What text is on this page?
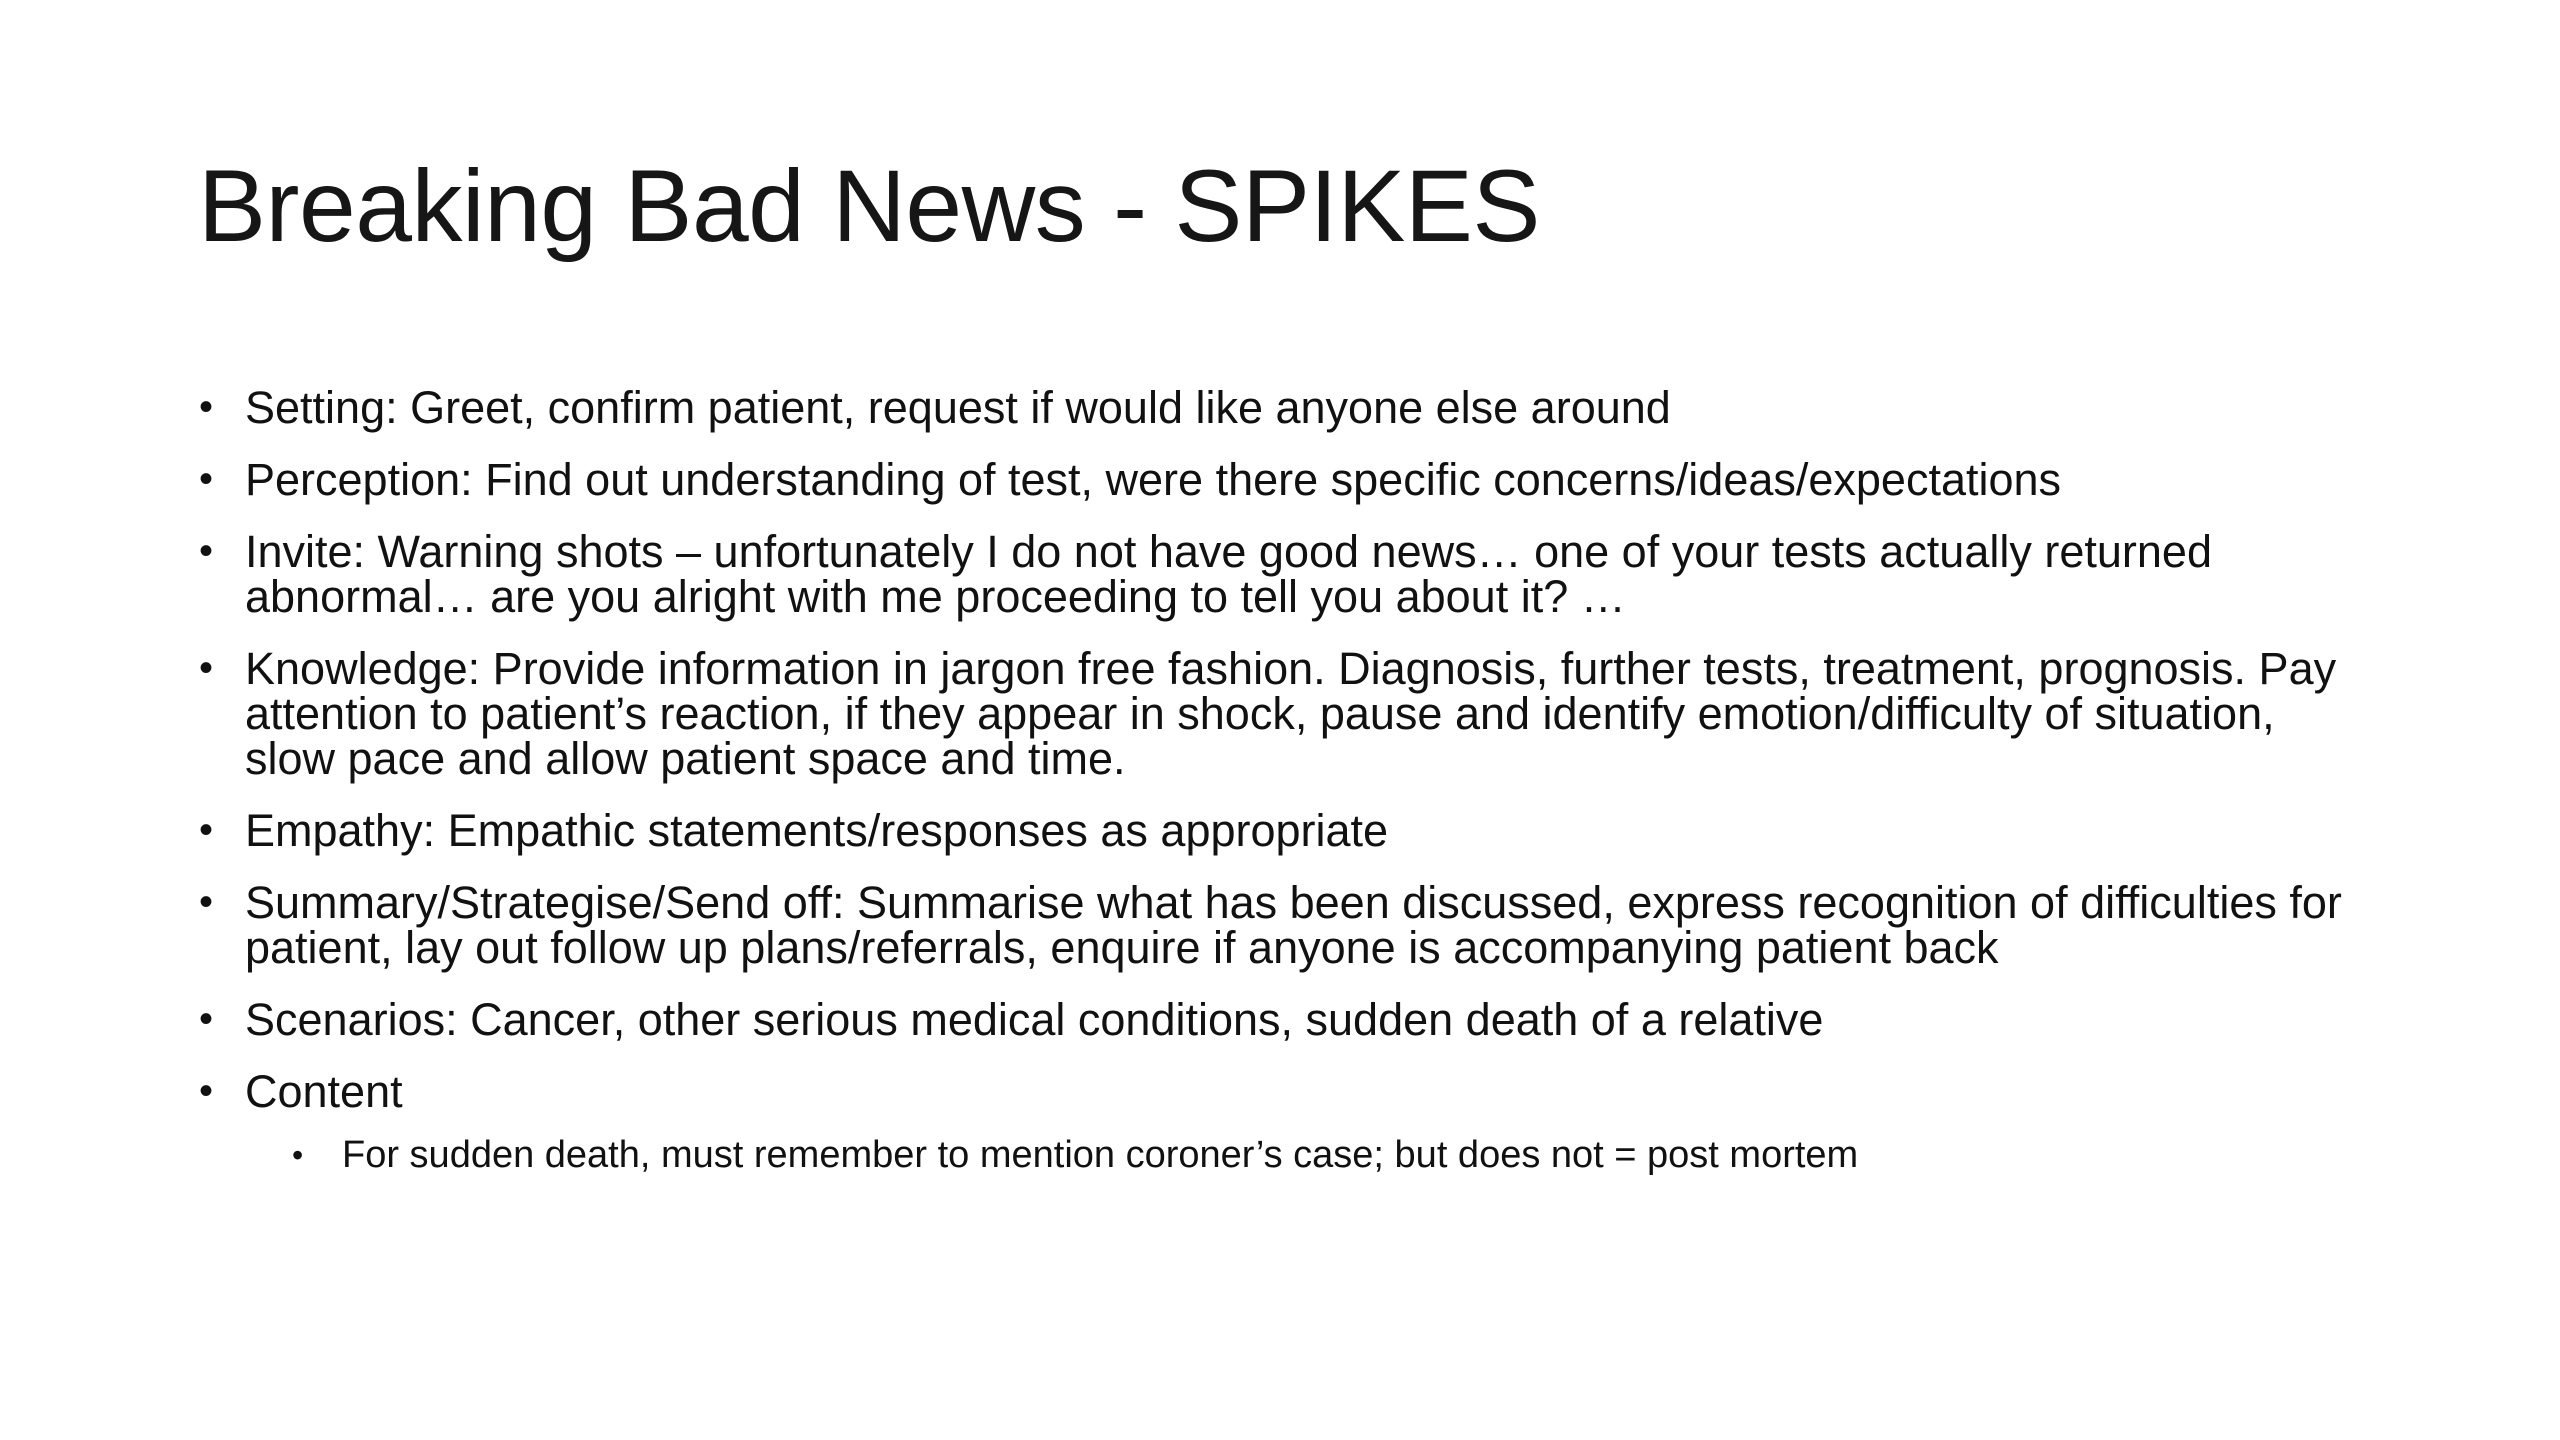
Breaking Bad News - SPIKES
• Setting: Greet, confirm patient, request if would like anyone else around
• Perception: Find out understanding of test, were there specific concerns/ideas/expectations
• Invite: Warning shots – unfortunately I do not have good news… one of your tests actually returned abnormal… are you alright with me proceeding to tell you about it? …
• Knowledge: Provide information in jargon free fashion. Diagnosis, further tests, treatment, prognosis. Pay attention to patient’s reaction, if they appear in shock, pause and identify emotion/difficulty of situation, slow pace and allow patient space and time.
• Empathy: Empathic statements/responses as appropriate
• Summary/Strategise/Send off: Summarise what has been discussed, express recognition of difficulties for patient, lay out follow up plans/referrals, enquire if anyone is accompanying patient back
• Scenarios: Cancer, other serious medical conditions, sudden death of a relative
• Content
• For sudden death, must remember to mention coroner’s case; but does not = post mortem
